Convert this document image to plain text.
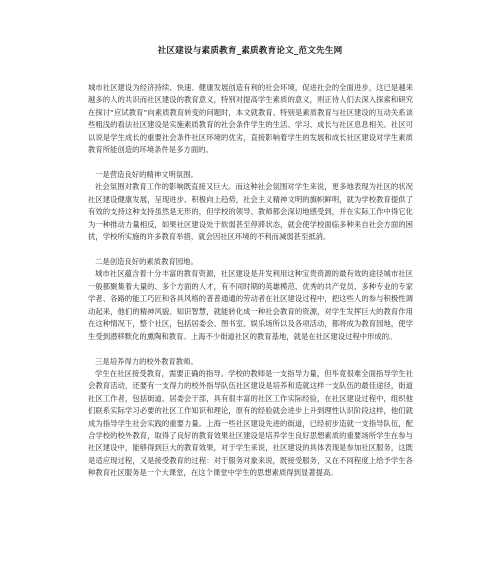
社区建设与素质教育_素质教育论文_范文先生网

城市社区建设为经济持续、快速、健康发展创造有利的社会环境，促进社会的全面进步，这已是越来越多的人的共识而社区建设的教育意义，特别对提高学生素质的意义，则正待人们去深入探索和研究在探讨“应试教育”向素质教育转变的问题时，本文就教育、特别是素质教育与社区建设的互动关系谈些粗浅的看法社区建设是实施素质教育的社会条件学生的生活、学习、成长与社区息息相关。社区可以说是学生成长的重要社会条件社区环境的优劣，直接影响着学生的发展和成长社区建设对学生素质教育所能创造的环境条件是多方面的。

一是营造良好的精神文明氛围。

社会氛围对教育工作的影响既直接又巨大。而这种社会氛围对学生来说，更多地表现为社区的状况社区建设健康发展，呈现进步、积极向上趋势，社会主义精神文明的旗帜鲜明，就为学校教育提供了有效的支持这种支持虽然是无形的，但学校的领导、教师都会深切地感受到，并在实际工作中得它化为一种推动力量相反，如果社区建设处于软弱甚至停滞状态，就会使学校面临多种来自社会方面的困扰，学校所实施的许多教育举措，就会因社区环境的不利而减弱甚至抵消。

二是创造良好的素质教育园地。

城市社区蕴含着十分丰富的教育资源，社区建设是开发利用这种宝贵资源的最有效的途径城市社区一般都聚集着大量的、多个方面的人才，有不同时期的英雄模范、优秀的共产党员、多种专业的专家学者、各路的能工巧匠和各具风格的普普通通的劳动者在社区建设过程中，把这些人的参与积极性调动起来，他们的精神风貌、知识智慧，就能转化成一种社会教育的资源，对学生发挥巨大的教育作用在这种情况下，整个社区，包括居委会、图书室、娱乐场所以及各项活动，都将成为教育园地，使学生受到潜移默化的熏陶和教育。上海不少街道社区的教育基地，就是在社区建设过程中形成的。

三是培养得力的校外教育教师。

学生在社区接受教育，需要正确的指导。学校的教师是一支指导力量，但毕竟很难全面指导学生社会教育活动，还要有一支得力的校外指导队伍社区建设是培养和造就这样一支队伍的最佳途径，街道社区工作者，包括街道、居委会干部，具有很丰富的社区工作实际经验，在社区建设过程中，组织他们联系实际学习必要的社区工作知识和理论，原有的经验就会进步上升到理性认识阶段这样，他们就成为指导学生社会实践的重要力量。上海一些社区建设先进的街道，已经初步造就一支指导队伍，配合学校的校外教育，取得了良好的教育效果社区建设是培养学生良好思想素质的重要场所学生在参与社区建设中，能够得到巨大的教育效果，对于学生来说，社区建设的具体表现是参加社区服务，这既是适应现过程，又是接受教育的过程：对于服务对象来说，既接受服务，又在不同程度上给予学生各种教育社区服务是一个大课堂，在这个课堂中学生的思想素质得到显著提高。
